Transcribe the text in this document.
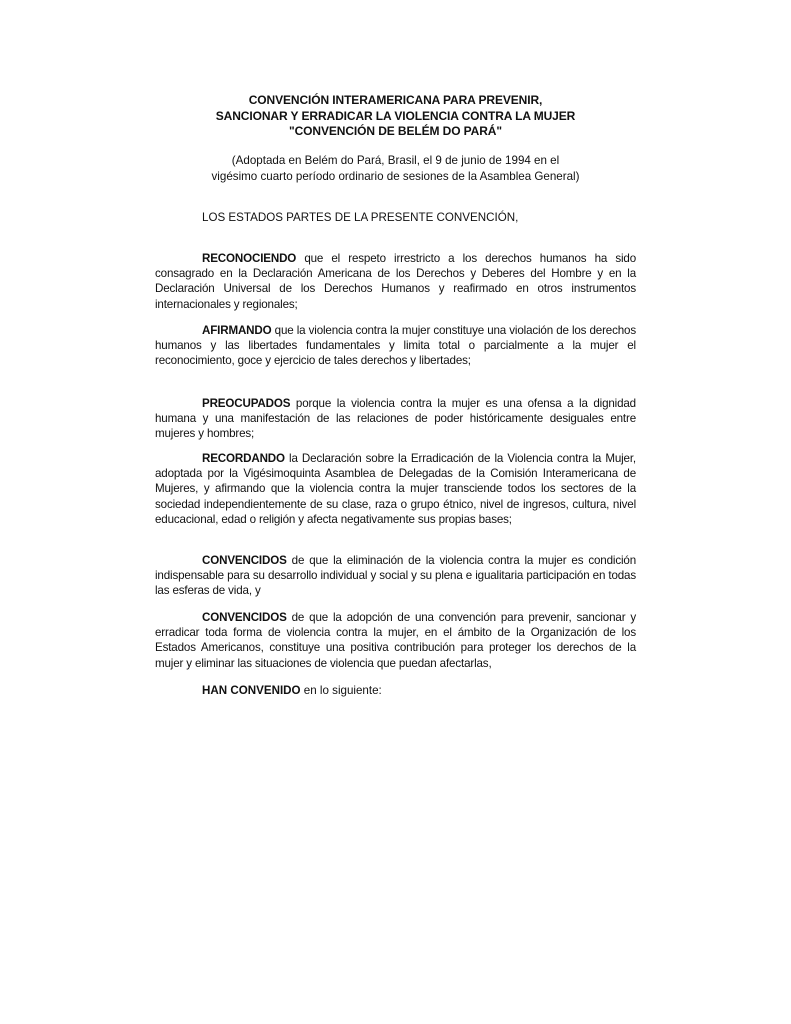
CONVENCIÓN INTERAMERICANA PARA PREVENIR,
SANCIONAR Y ERRADICAR LA VIOLENCIA CONTRA LA MUJER
"CONVENCIÓN DE BELÉM DO PARÁ"
(Adoptada en Belém do Pará, Brasil, el 9 de junio de 1994 en el
vigésimo cuarto período ordinario de sesiones de la Asamblea General)
LOS ESTADOS PARTES DE LA PRESENTE CONVENCIÓN,
RECONOCIENDO que el respeto irrestricto a los derechos humanos ha sido consagrado en la Declaración Americana de los Derechos y Deberes del Hombre y en la Declaración Universal de los Derechos Humanos y reafirmado en otros instrumentos internacionales y regionales;
AFIRMANDO que la violencia contra la mujer constituye una violación de los derechos humanos y las libertades fundamentales y limita total o parcialmente a la mujer el reconocimiento, goce y ejercicio de tales derechos y libertades;
PREOCUPADOS porque la violencia contra la mujer es una ofensa a la dignidad humana y una manifestación de las relaciones de poder históricamente desiguales entre mujeres y hombres;
RECORDANDO la Declaración sobre la Erradicación de la Violencia contra la Mujer, adoptada por la Vigésimoquinta Asamblea de Delegadas de la Comisión Interamericana de Mujeres, y afirmando que la violencia contra la mujer transciende todos los sectores de la sociedad independientemente de su clase, raza o grupo étnico, nivel de ingresos, cultura, nivel educacional, edad o religión y afecta negativamente sus propias bases;
CONVENCIDOS de que la eliminación de la violencia contra la mujer es condición indispensable para su desarrollo individual y social y su plena e igualitaria participación en todas las esferas de vida, y
CONVENCIDOS de que la adopción de una convención para prevenir, sancionar y erradicar toda forma de violencia contra la mujer, en el ámbito de la Organización de los Estados Americanos, constituye una positiva contribución para proteger los derechos de la mujer y eliminar las situaciones de violencia que puedan afectarlas,
HAN CONVENIDO en lo siguiente:
